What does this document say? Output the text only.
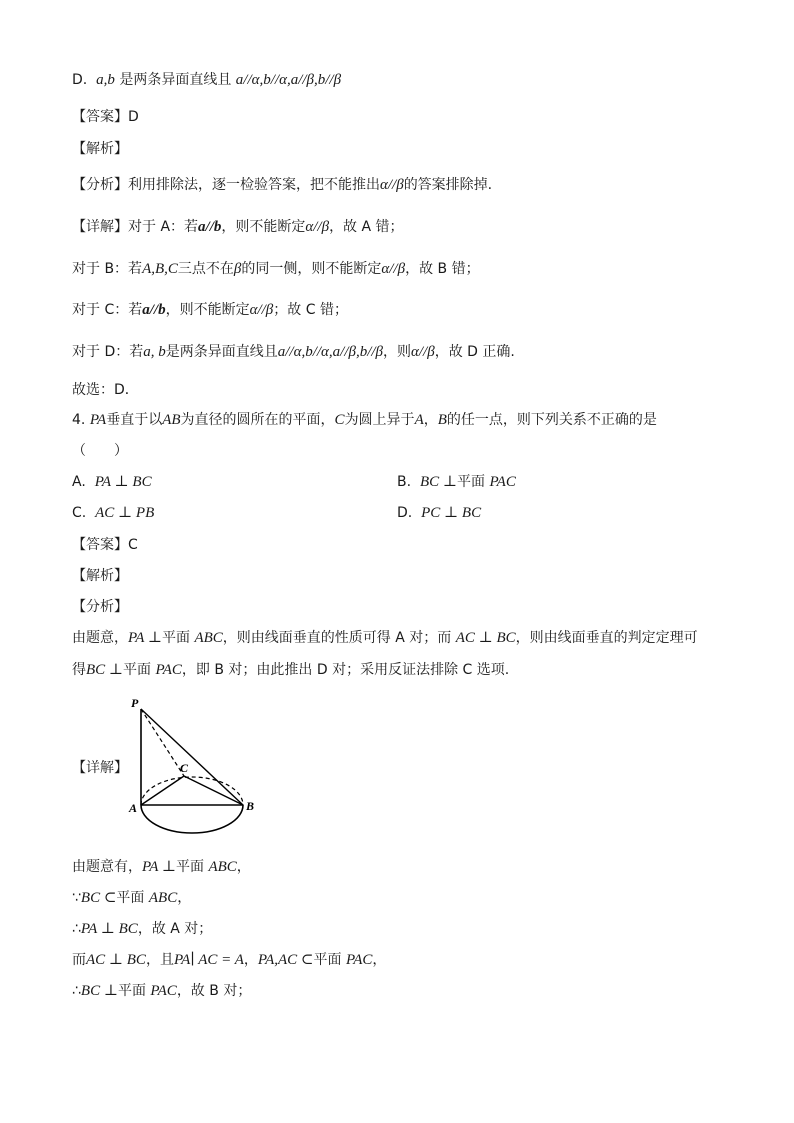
D. a,b 是两条异面直线且 a//α,b//α,a//β,b//β
【答案】D
【解析】
【分析】利用排除法，逐一检验答案，把不能推出α//β的答案排除掉.
【详解】对于 A：若a//b，则不能断定α//β，故 A 错；
对于 B：若A,B,C三点不在β的同一侧，则不能断定α//β，故 B 错；
对于 C：若a//b，则不能断定α//β；故 C 错；
对于 D：若a, b是两条异面直线且a//α,b//α,a//β,b//β，则α//β，故 D 正确.
故选：D．
4. PA垂直于以AB为直径的圆所在的平面，C为圆上异于A，B的任一点，则下列关系不正确的是
（　　）
A. PA ⊥ BC	B. BC ⊥平面 PAC
C. AC ⊥ PB	D. PC ⊥ BC
【答案】C
【解析】
【分析】
由题意，PA ⊥平面 ABC，则由线面垂直的性质可得 A 对；而 AC ⊥ BC，则由线面垂直的判定定理可
得BC ⊥平面 PAC，即 B 对；由此推出 D 对；采用反证法排除 C 选项.
【详解】
P
C
A	B
由题意有，PA ⊥平面 ABC，
∵BC ⊂平面 ABC，
∴PA ⊥ BC，故 A 对；
而AC ⊥ BC，且PA∣ AC = A，PA,AC ⊂平面 PAC，
∴BC ⊥平面 PAC，故 B 对；
